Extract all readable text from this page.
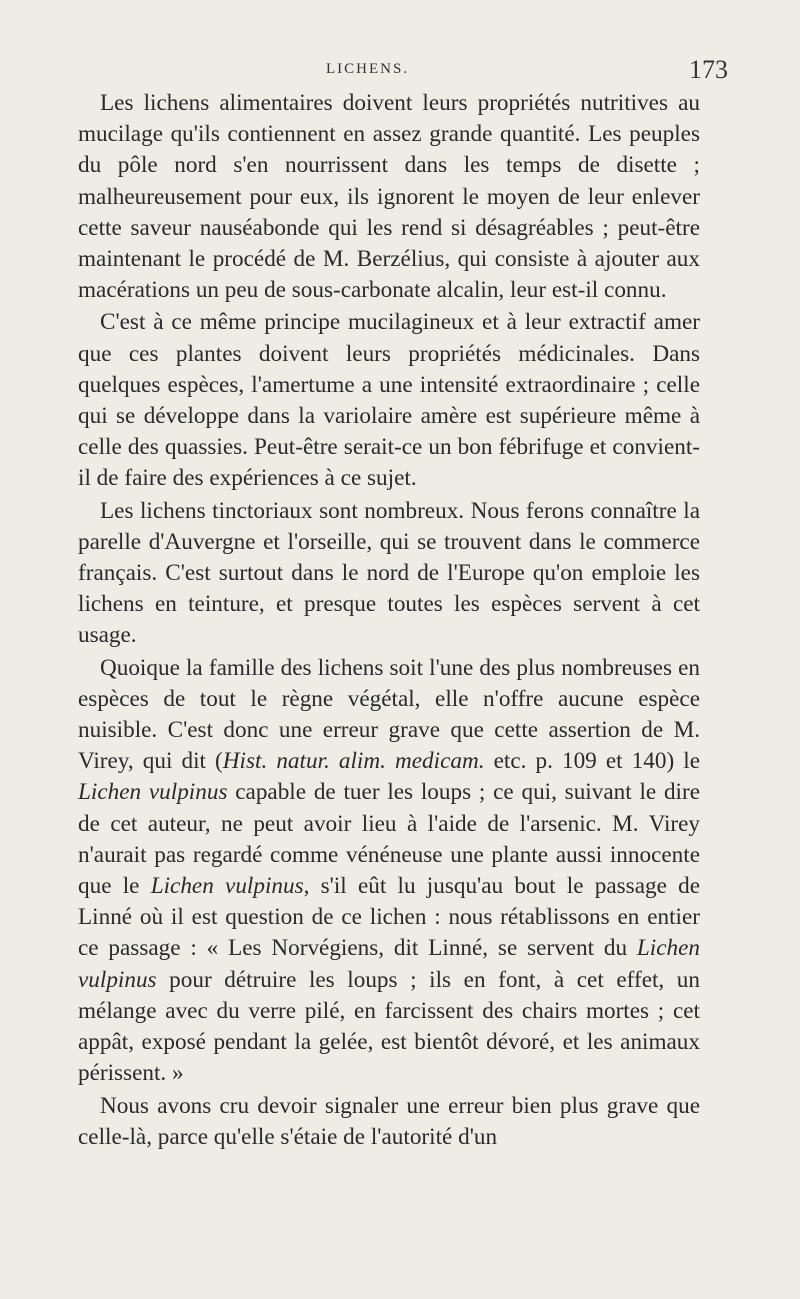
LICHENS.	173

Les lichens alimentaires doivent leurs propriétés nutritives au mucilage qu'ils contiennent en assez grande quantité. Les peuples du pôle nord s'en nourrissent dans les temps de disette ; malheureusement pour eux, ils ignorent le moyen de leur enlever cette saveur nauséabonde qui les rend si désagréables ; peut-être maintenant le procédé de M. Berzélius, qui consiste à ajouter aux macérations un peu de sous-carbonate alcalin, leur est-il connu.

C'est à ce même principe mucilagineux et à leur extractif amer que ces plantes doivent leurs propriétés médicinales. Dans quelques espèces, l'amertume a une intensité extraordinaire ; celle qui se développe dans la variolaire amère est supérieure même à celle des quassies. Peut-être serait-ce un bon fébrifuge et convient-il de faire des expériences à ce sujet.

Les lichens tinctoriaux sont nombreux. Nous ferons connaître la parelle d'Auvergne et l'orseille, qui se trouvent dans le commerce français. C'est surtout dans le nord de l'Europe qu'on emploie les lichens en teinture, et presque toutes les espèces servent à cet usage.

Quoique la famille des lichens soit l'une des plus nombreuses en espèces de tout le règne végétal, elle n'offre aucune espèce nuisible. C'est donc une erreur grave que cette assertion de M. Virey, qui dit (Hist. natur. alim. medicam. etc. p. 109 et 140) le Lichen vulpinus capable de tuer les loups ; ce qui, suivant le dire de cet auteur, ne peut avoir lieu à l'aide de l'arsenic. M. Virey n'aurait pas regardé comme vénéneuse une plante aussi innocente que le Lichen vulpinus, s'il eût lu jusqu'au bout le passage de Linné où il est question de ce lichen : nous rétablissons en entier ce passage : « Les Norvégiens, dit Linné, se servent du Lichen vulpinus pour détruire les loups ; ils en font, à cet effet, un mélange avec du verre pilé, en farcissent des chairs mortes ; cet appât, exposé pendant la gelée, est bientôt dévoré, et les animaux périssent. »

Nous avons cru devoir signaler une erreur bien plus grave que celle-là, parce qu'elle s'étaie de l'autorité d'un
